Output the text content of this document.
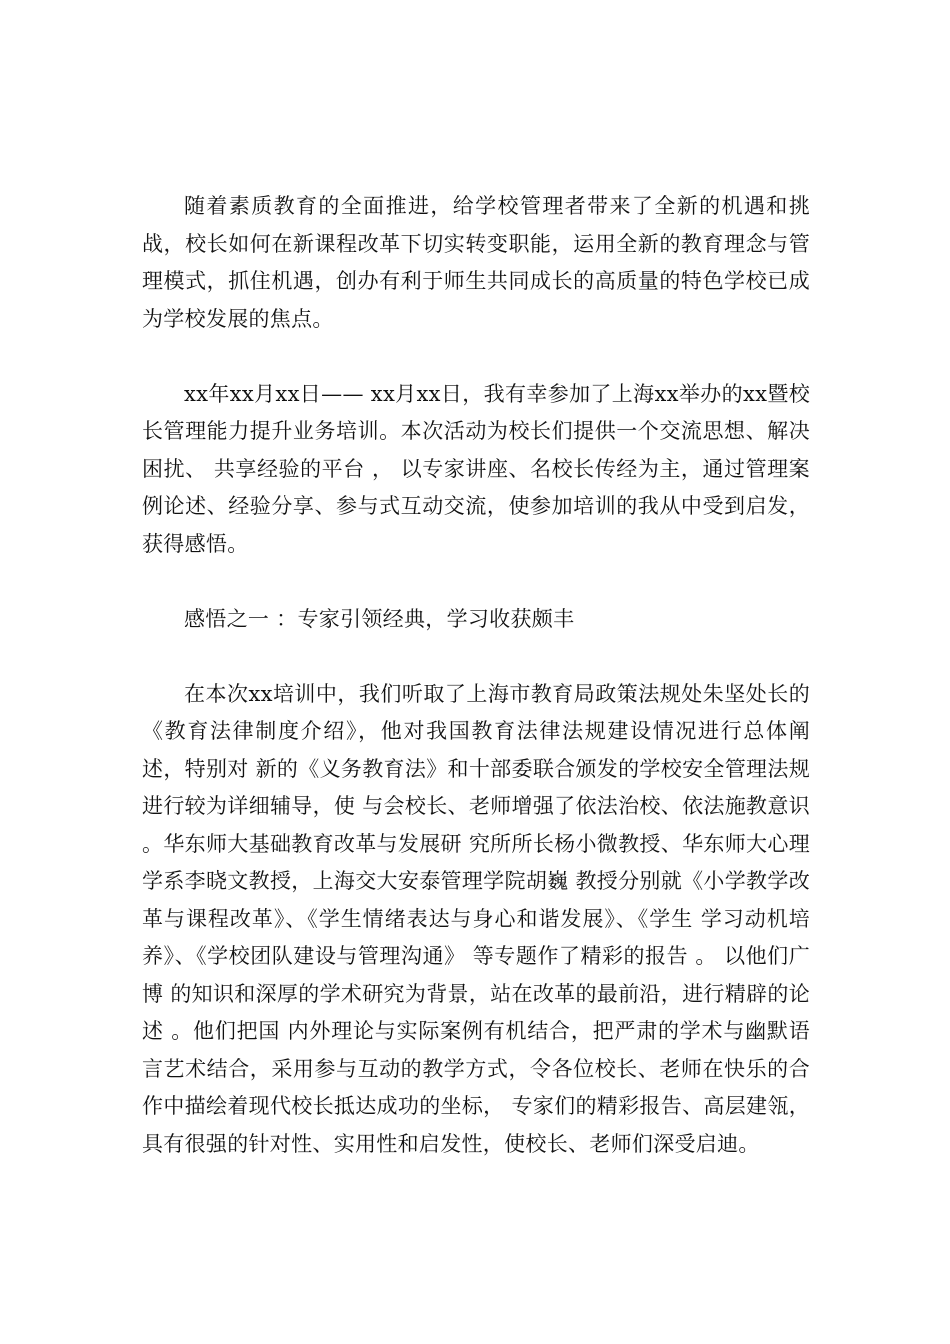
随着素质教育的全面推进，给学校管理者带来了全新的机遇和挑战，校长如何在新课程改革下切实转变职能，运用全新的教育理念与管理模式，抓住机遇，创办有利于师生共同成长的高质量的特色学校已成为学校发展的焦点。

xx年xx月xx日—— xx月xx日，我有幸参加了上海xx举办的xx暨校长管理能力提升业务培训。本次活动为校长们提供一个交流思想、解决困扰、 共享经验的平台 ， 以专家讲座、名校长传经为主，通过管理案例论述、经验分享、参与式互动交流，使参加培训的我从中受到启发，获得感悟。

感悟之一 ：专家引领经典，学习收获颇丰

在本次xx培训中，我们听取了上海市教育局政策法规处朱坚处长的《教育法律制度介绍》，他对我国教育法律法规建设情况进行总体阐述，特别对 新的《义务教育法》和十部委联合颁发的学校安全管理法规进行较为详细辅导，使 与会校长、老师增强了依法治校、依法施教意识 。华东师大基础教育改革与发展研 究所所长杨小微教授、华东师大心理学系李晓文教授，上海交大安泰管理学院胡巍 教授分别就《小学教学改革与课程改革》、《学生情绪表达与身心和谐发展》、《学生 学习动机培养》、《学校团队建设与管理沟通》 等专题作了精彩的报告 。 以他们广博 的知识和深厚的学术研究为背景，站在改革的最前沿，进行精辟的论述 。他们把国 内外理论与实际案例有机结合，把严肃的学术与幽默语言艺术结合，采用参与互动的教学方式，令各位校长、老师在快乐的合作中描绘着现代校长抵达成功的坐标， 专家们的精彩报告、高层建瓴，具有很强的针对性、实用性和启发性，使校长、老师们深受启迪。
